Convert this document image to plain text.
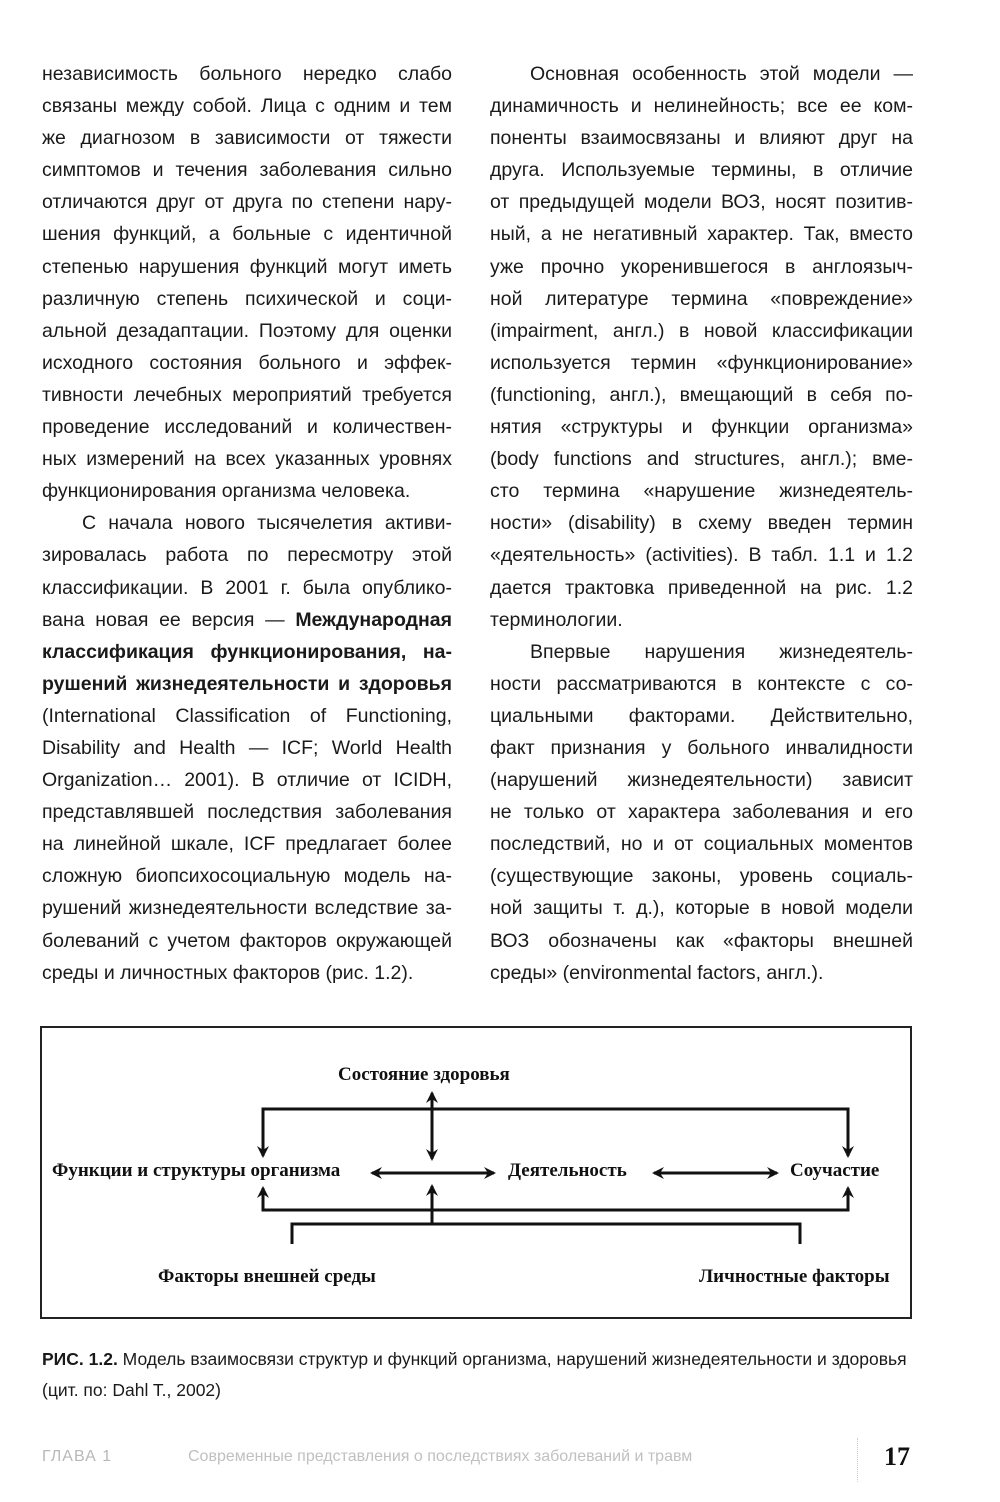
независимость больного нередко слабо
связаны между собой. Лица с одним и тем
же диагнозом в зависимости от тяжести
симптомов и течения заболевания сильно
отличаются друг от друга по степени нару-
шения функций, а больные с идентичной
степенью нарушения функций могут иметь
различную степень психической и соци-
альной дезадаптации. Поэтому для оценки
исходного состояния больного и эффек-
тивности лечебных мероприятий требуется
проведение исследований и количествен-
ных измерений на всех указанных уровнях
функционирования организма человека.
С начала нового тысячелетия активи-
зировалась работа по пересмотру этой
классификации. В 2001 г. была опублико-
вана новая ее версия — Международная
классификация функционирования, на-
рушений жизнедеятельности и здоровья
(International Classification of Functioning,
Disability and Health — ICF; World Health
Organization… 2001). В отличие от ICIDH,
представлявшей последствия заболевания
на линейной шкале, ICF предлагает более
сложную биопсихосоциальную модель на-
рушений жизнедеятельности вследствие за-
болеваний с учетом факторов окружающей
среды и личностных факторов (рис. 1.2).
Основная особенность этой модели —
динамичность и нелинейность; все ее ком-
поненты взаимосвязаны и влияют друг на
друга. Используемые термины, в отличие
от предыдущей модели ВОЗ, носят позитив-
ный, а не негативный характер. Так, вместо
уже прочно укоренившегося в англоязыч-
ной литературе термина «повреждение»
(impairment, англ.) в новой классификации
используется термин «функционирование»
(functioning, англ.), вмещающий в себя по-
нятия «структуры и функции организма»
(body functions and structures, англ.); вме-
сто термина «нарушение жизнедеятель-
ности» (disability) в схему введен термин
«деятельность» (activities). В табл. 1.1 и 1.2
дается трактовка приведенной на рис. 1.2
терминологии.
Впервые нарушения жизнедеятель-
ности рассматриваются в контексте с со-
циальными факторами. Действительно,
факт признания у больного инвалидности
(нарушений жизнедеятельности) зависит
не только от характера заболевания и его
последствий, но и от социальных моментов
(существующие законы, уровень социаль-
ной защиты т. д.), которые в новой модели
ВОЗ обозначены как «факторы внешней
среды» (environmental factors, англ.).
Состояние здоровья
Функции и структуры организма	Деятельность	Соучастие
Факторы внешней среды	Личностные факторы
РИС. 1.2. Модель взаимосвязи структур и функций организма, нарушений жизнедеятельности и здоровья (цит. по: Dahl T., 2002)
ГЛАВА 1	Современные представления о последствиях заболеваний и травм	17
